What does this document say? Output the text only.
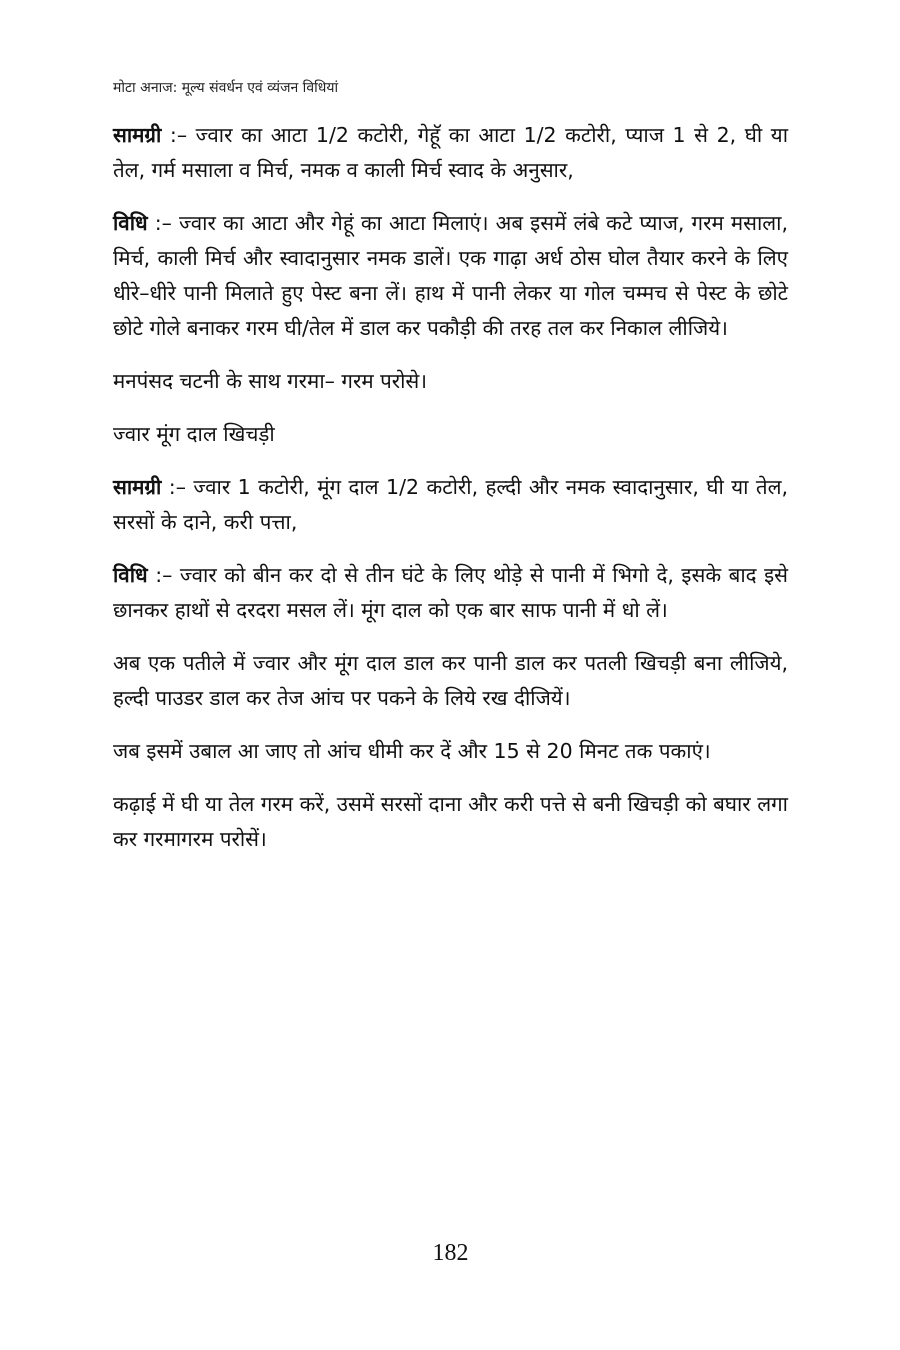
मोटा अनाज: मूल्य संवर्धन एवं व्यंजन विधियां

सामग्री :– ज्वार का आटा 1/2 कटोरी, गेहूॅ का आटा 1/2 कटोरी, प्याज 1 से 2, घी या तेल, गर्म मसाला व मिर्च, नमक व काली मिर्च स्वाद के अनुसार,

विधि :– ज्वार का आटा और गेहूं का आटा मिलाएं। अब इसमें लंबे कटे प्याज, गरम मसाला, मिर्च, काली मिर्च और स्वादानुसार नमक डालें। एक गाढ़ा अर्ध ठोस घोल तैयार करने के लिए धीरे–धीरे पानी मिलाते हुए पेस्ट बना लें। हाथ में पानी लेकर या गोल चम्मच से पेस्ट के छोटे छोटे गोले बनाकर गरम घी/तेल में डाल कर पकौड़ी की तरह तल कर निकाल लीजिये।

मनपंसद चटनी के साथ गरमा– गरम परोसे।

ज्वार मूंग दाल खिचड़ी

सामग्री :– ज्वार 1 कटोरी, मूंग दाल 1/2 कटोरी, हल्दी और नमक स्वादानुसार, घी या तेल, सरसों के दाने, करी पत्ता,

विधि :– ज्वार को बीन कर दो से तीन घंटे के लिए थोड़े से पानी में भिगो दे, इसके बाद इसे छानकर हाथों से दरदरा मसल लें। मूंग दाल को एक बार साफ पानी में धो लें।

अब एक पतीले में ज्वार और मूंग दाल डाल कर पानी डाल कर पतली खिचड़ी बना लीजिये, हल्दी पाउडर डाल कर तेज आंच पर पकने के लिये रख दीजियें।

जब इसमें उबाल आ जाए तो आंच धीमी कर दें और 15 से 20 मिनट तक पकाएं।

कढ़ाई में घी या तेल गरम करें, उसमें सरसों दाना और करी पत्ते से बनी खिचड़ी को बघार लगा कर गरमागरम परोसें।

182
